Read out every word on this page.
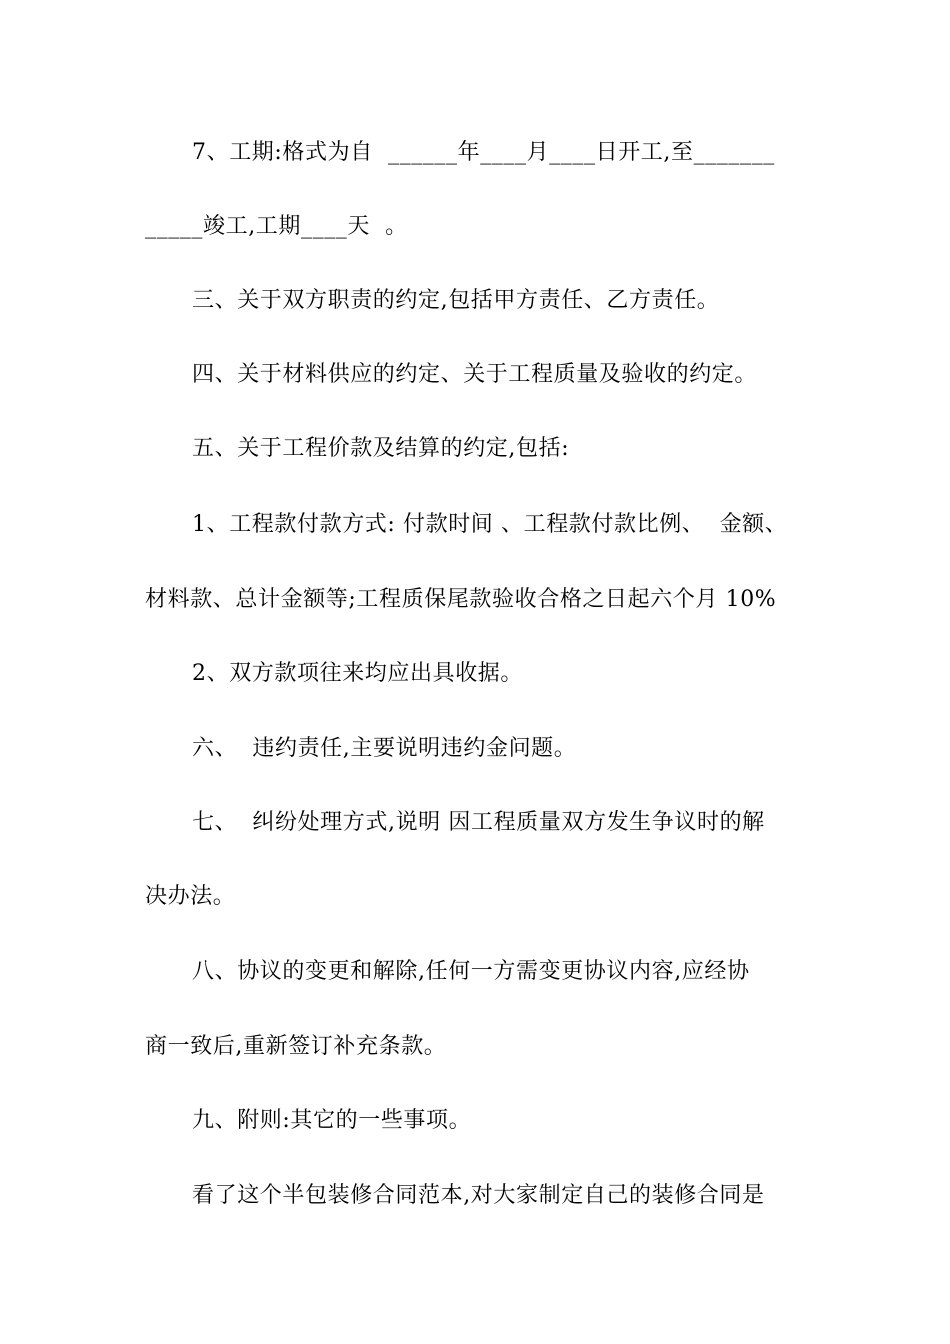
7、工期:格式为自  ______年____月____日开工,至_______
_____竣工,工期____天  。
三、关于双方职责的约定,包括甲方责任、乙方责任。
四、关于材料供应的约定、关于工程质量及验收的约定。
五、关于工程价款及结算的约定,包括:
1、工程款付款方式: 付款时间 、工程款付款比例、  金额、
材料款、总计金额等;工程质保尾款验收合格之日起六个月 10%
2、双方款项往来均应出具收据。
六、  违约责任,主要说明违约金问题。
七、  纠纷处理方式,说明 因工程质量双方发生争议时的解
决办法。
八、协议的变更和解除,任何一方需变更协议内容,应经协
商一致后,重新签订补充条款。
九、附则:其它的一些事项。
看了这个半包装修合同范本,对大家制定自己的装修合同是
